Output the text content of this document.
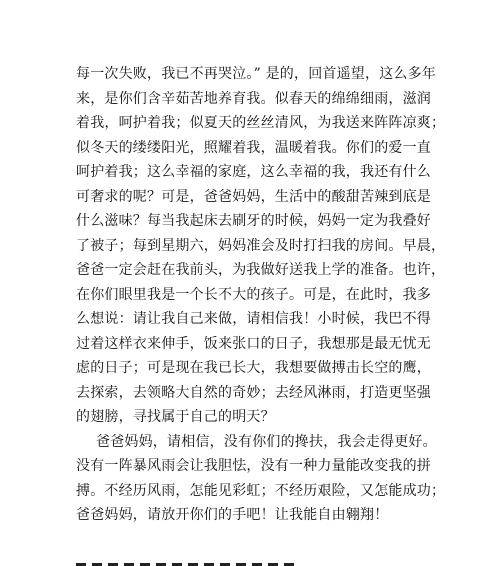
每一次失败，我已不再哭泣。” 是的，回首遥望，这么多年
来，是你们含辛茹苦地养育我。似春天的绵绵细雨，滋润
着我，呵护着我；似夏天的丝丝清风，为我送来阵阵凉爽；
似冬天的缕缕阳光，照耀着我，温暖着我。你们的爱一直
呵护着我；这么幸福的家庭，这么幸福的我，我还有什么
可奢求的呢？可是，爸爸妈妈，生活中的酸甜苦辣到底是
什么滋味？每当我起床去刷牙的时候，妈妈一定为我叠好
了被子；每到星期六，妈妈准会及时打扫我的房间。早晨，
爸爸一定会赶在我前头，为我做好送我上学的准备。也许，
在你们眼里我是一个长不大的孩子。可是，在此时，我多
么想说：请让我自己来做，请相信我！小时候，我巴不得
过着这样衣来伸手，饭来张口的日子，我想那是最无忧无
虑的日子；可是现在我已长大，我想要做搏击长空的鹰，
去探索，去领略大自然的奇妙；去经风淋雨，打造更坚强
的翅膀，寻找属于自己的明天？
爸爸妈妈，请相信，没有你们的搀扶，我会走得更好。
没有一阵暴风雨会让我胆怯，没有一种力量能改变我的拼
搏。不经历风雨，怎能见彩虹；不经历艰险，又怎能成功；
爸爸妈妈，请放开你们的手吧！让我能自由翱翔！
